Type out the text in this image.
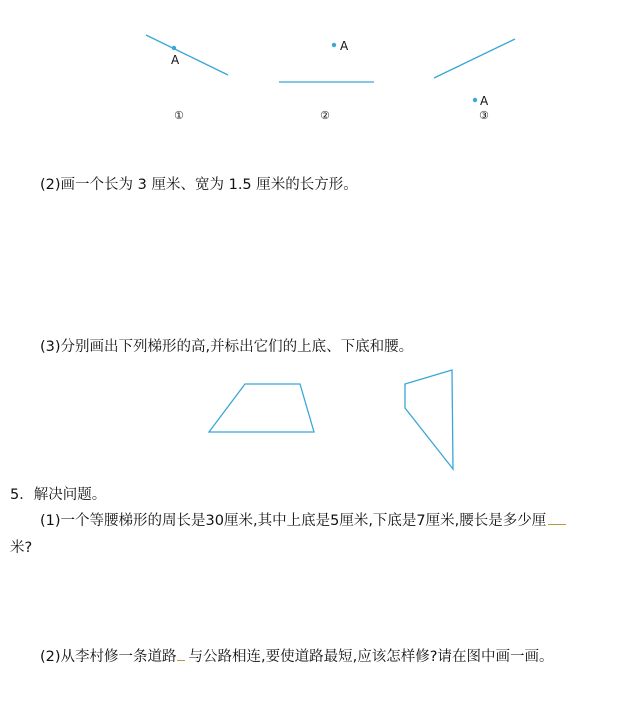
A
A
A
①	②	③
(2)画一个长为 3 厘米、宽为 1.5 厘米的长方形。
(3)分别画出下列梯形的高,并标出它们的上底、下底和腰。
5．解决问题。
(1)一个等腰梯形的周长是30厘米,其中上底是5厘米,下底是7厘米,腰长是多少厘
米?
(2)从李村修一条道路 与公路相连,要使道路最短,应该怎样修?请在图中画一画。
